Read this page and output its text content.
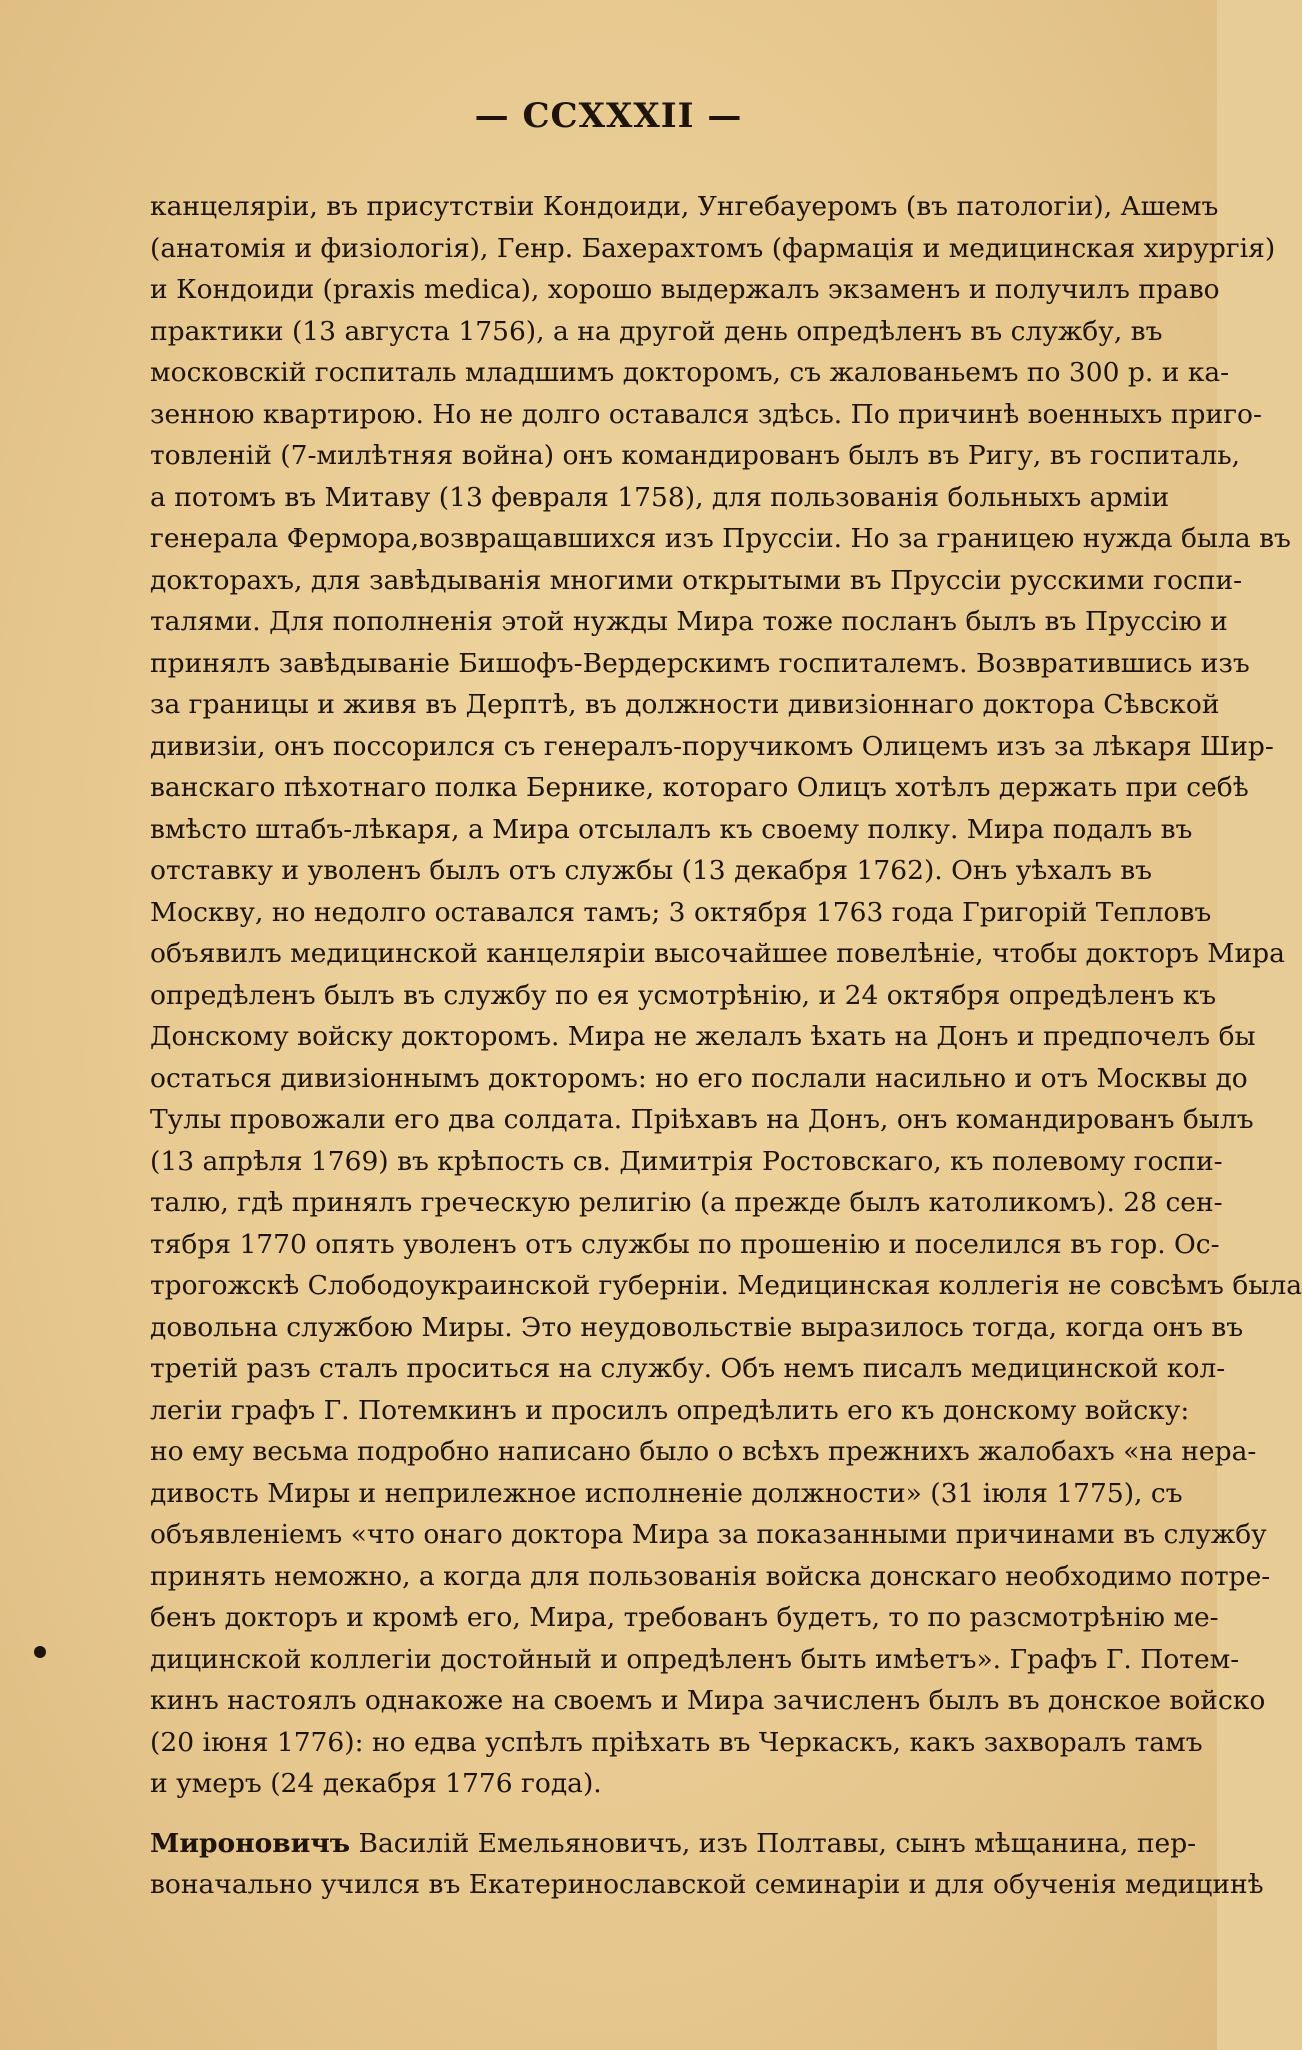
— CCXXXII —
канцеляріи, въ присутствіи Кондоиди, Унгебауеромъ (въ патологіи), Ашемъ
(анатомія и физіологія), Генр. Бахерахтомъ (фармація и медицинская хирургія)
и Кондоиди (praxis medica), хорошо выдержалъ экзаменъ и получилъ право
практики (13 августа 1756), а на другой день опредѣленъ въ службу, въ
московскій госпиталь младшимъ докторомъ, съ жалованьемъ по 300 р. и ка-
зенною квартирою. Но не долго оставался здѣсь. По причинѣ военныхъ приго-
товленій (7-милѣтняя война) онъ командированъ былъ въ Ригу, въ госпиталь,
а потомъ въ Митаву (13 февраля 1758), для пользованія больныхъ арміи
генерала Фермора,возвращавшихся изъ Пруссіи. Но за границею нужда была въ
докторахъ, для завѣдыванія многими открытыми въ Пруссіи русскими госпи-
талями. Для пополненія этой нужды Мира тоже посланъ былъ въ Пруссію и
принялъ завѣдываніе Бишофъ-Вердерскимъ госпиталемъ. Возвратившись изъ
за границы и живя въ Дерптѣ, въ должности дивизіоннаго доктора Сѣвской
дивизіи, онъ поссорился съ генералъ-поручикомъ Олицемъ изъ за лѣкаря Шир-
ванскаго пѣхотнаго полка Бернике, котораго Олицъ хотѣлъ держать при себѣ
вмѣсто штабъ-лѣкаря, а Мира отсылалъ къ своему полку. Мира подалъ въ
отставку и уволенъ былъ отъ службы (13 декабря 1762). Онъ уѣхалъ въ
Москву, но недолго оставался тамъ; 3 октября 1763 года Григорій Тепловъ
объявилъ медицинской канцеляріи высочайшее повелѣніе, чтобы докторъ Мира
опредѣленъ былъ въ службу по ея усмотрѣнію, и 24 октября опредѣленъ къ
Донскому войску докторомъ. Мира не желалъ ѣхать на Донъ и предпочелъ бы
остаться дивизіоннымъ докторомъ: но его послали насильно и отъ Москвы до
Тулы провожали его два солдата. Пріѣхавъ на Донъ, онъ командированъ былъ
(13 апрѣля 1769) въ крѣпость св. Димитрія Ростовскаго, къ полевому госпи-
талю, гдѣ принялъ греческую религію (а прежде былъ католикомъ). 28 сен-
тября 1770 опять уволенъ отъ службы по прошенію и поселился въ гор. Ос-
трогожскѣ Слободоукраинской губерніи. Медицинская коллегія не совсѣмъ была
довольна службою Миры. Это неудовольствіе выразилось тогда, когда онъ въ
третій разъ сталъ проситься на службу. Объ немъ писалъ медицинской кол-
легіи графъ Г. Потемкинъ и просилъ опредѣлить его къ донскому войску:
но ему весьма подробно написано было о всѣхъ прежнихъ жалобахъ «на нера-
дивость Миры и неприлежное исполненіе должности» (31 іюля 1775), съ
объявленіемъ «что онаго доктора Мира за показанными причинами въ службу
принять неможно, а когда для пользованія войска донскаго необходимо потре-
бенъ докторъ и кромѣ его, Мира, требованъ будетъ, то по разсмотрѣнію ме-
дицинской коллегіи достойный и опредѣленъ быть имѣетъ». Графъ Г. Потем-
кинъ настоялъ однакоже на своемъ и Мира зачисленъ былъ въ донское войско
(20 іюня 1776): но едва успѣлъ пріѣхать въ Черкаскъ, какъ захворалъ тамъ
и умеръ (24 декабря 1776 года).
Мироновичъ Василій Емельяновичъ, изъ Полтавы, сынъ мѣщанина, пер-
воначально учился въ Екатеринославской семинаріи и для обученія медицинѣ
